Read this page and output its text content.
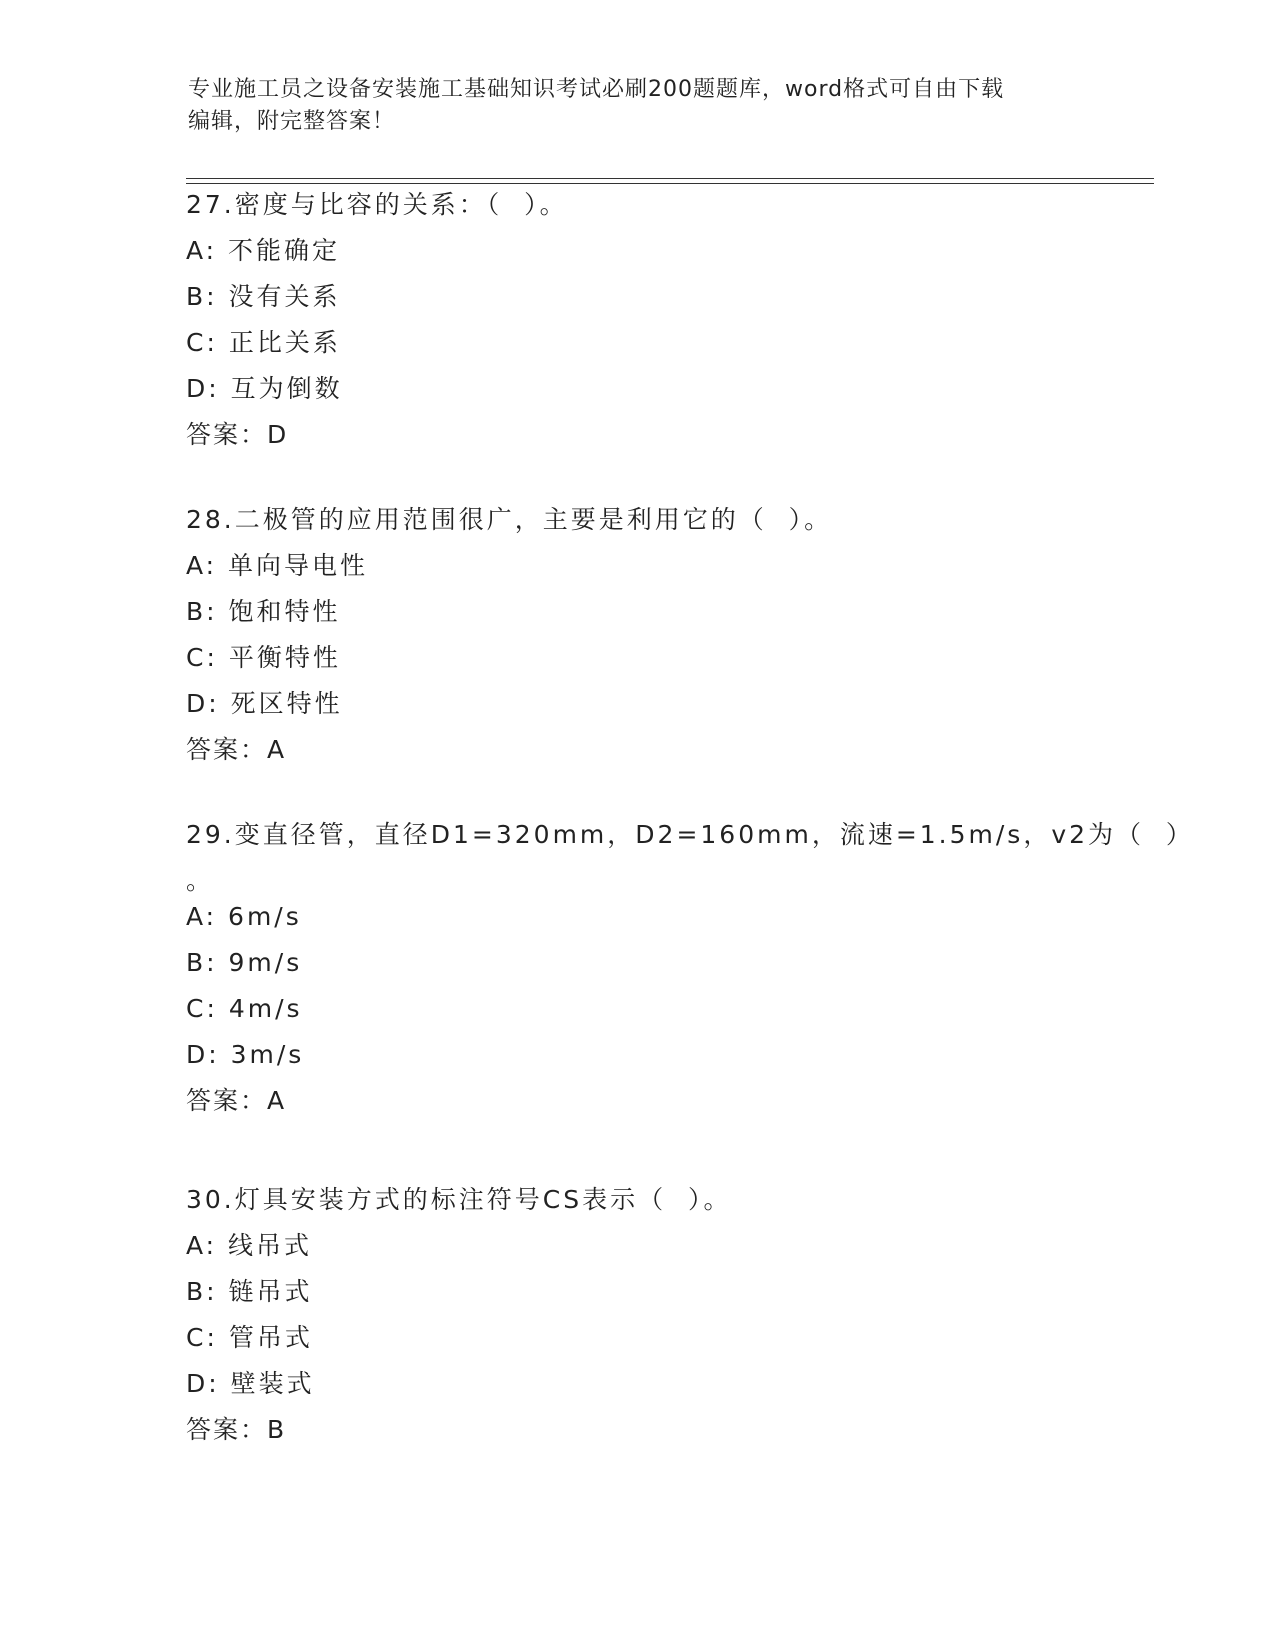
专业施工员之设备安装施工基础知识考试必刷200题题库，word格式可自由下载
编辑，附完整答案！
27.密度与比容的关系：（  ）。
A: 不能确定
B: 没有关系
C: 正比关系
D: 互为倒数
答案：D
28.二极管的应用范围很广，主要是利用它的（  ）。
A: 单向导电性
B: 饱和特性
C: 平衡特性
D: 死区特性
答案：A
29.变直径管，直径D1=320mm，D2=160mm，流速=1.5m/s，v2为（  ）
。
A: 6m/s
B: 9m/s
C: 4m/s
D: 3m/s
答案：A
30.灯具安装方式的标注符号CS表示（  ）。
A: 线吊式
B: 链吊式
C: 管吊式
D: 壁装式
答案：B
